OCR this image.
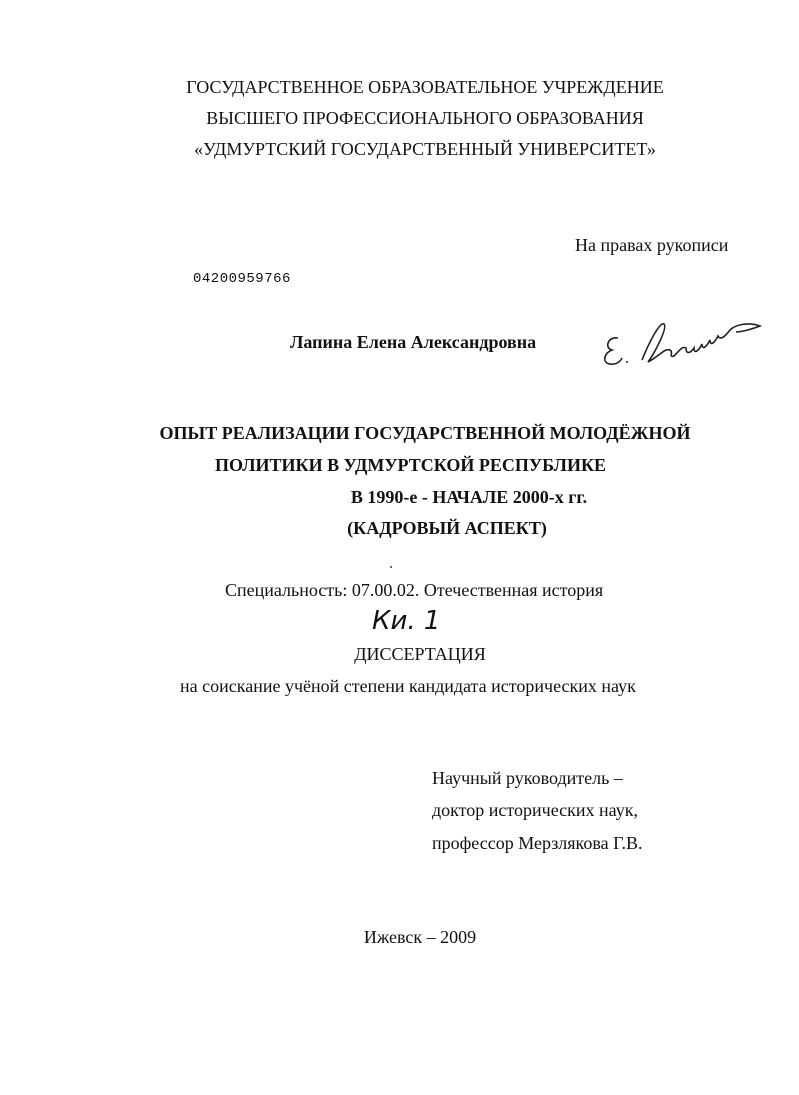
ГОСУДАРСТВЕННОЕ ОБРАЗОВАТЕЛЬНОЕ УЧРЕЖДЕНИЕ
ВЫСШЕГО ПРОФЕССИОНАЛЬНОГО ОБРАЗОВАНИЯ
«УДМУРТСКИЙ ГОСУДАРСТВЕННЫЙ УНИВЕРСИТЕТ»
На правах рукописи
04200959766
Лапина Елена Александровна
ОПЫТ РЕАЛИЗАЦИИ ГОСУДАРСТВЕННОЙ МОЛОДЁЖНОЙ
ПОЛИТИКИ В УДМУРТСКОЙ РЕСПУБЛИКЕ
В 1990-е - НАЧАЛЕ 2000-х гг.
(КАДРОВЫЙ АСПЕКТ)
Специальность: 07.00.02. Отечественная история
Ки. 1
ДИССЕРТАЦИЯ
на соискание учёной степени кандидата исторических наук
Научный руководитель –
доктор исторических наук,
профессор Мерзлякова Г.В.
Ижевск – 2009
